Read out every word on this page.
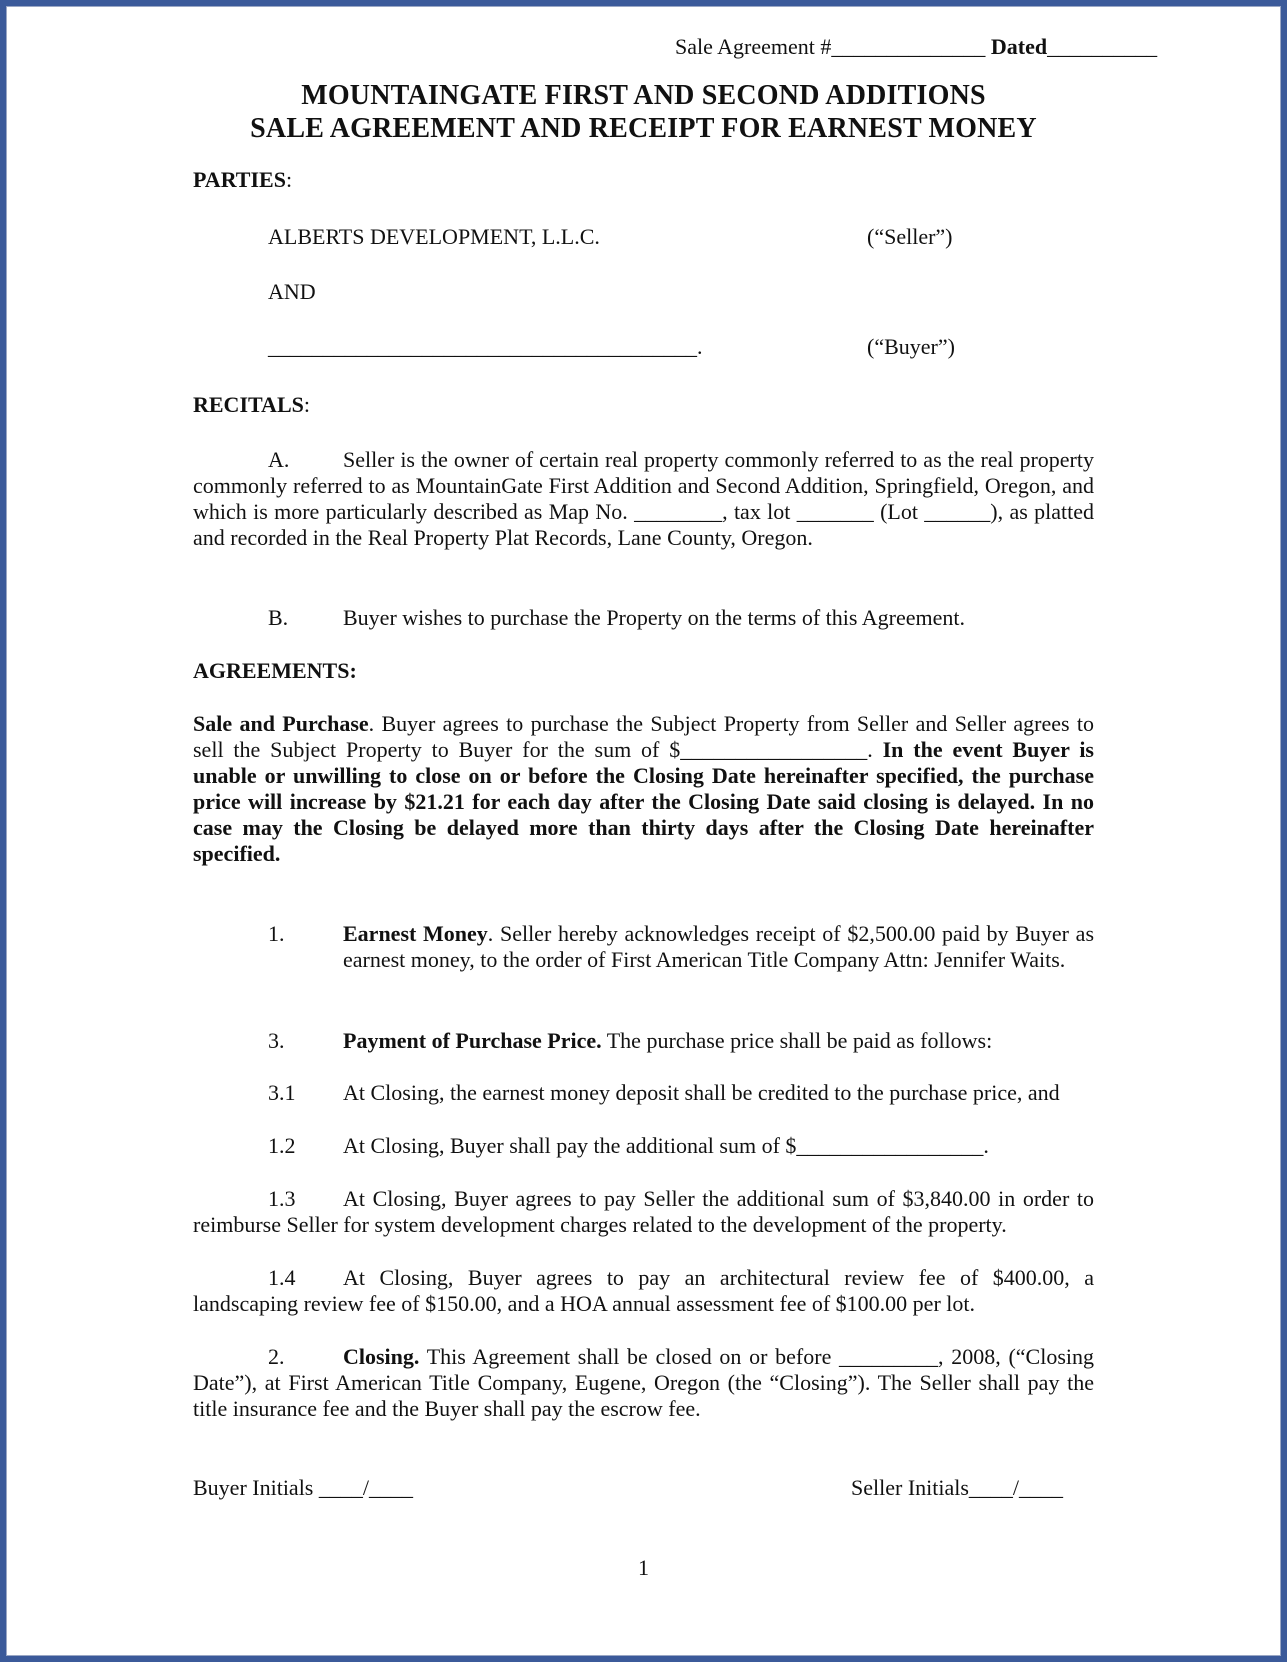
Sale Agreement #______________ Dated__________
MOUNTAINGATE FIRST AND SECOND ADDITIONS
SALE AGREEMENT AND RECEIPT FOR EARNEST MONEY
PARTIES:
ALBERTS DEVELOPMENT, L.L.C.	(“Seller”)
AND
_______________________________________.	(“Buyer”)
RECITALS:
A. Seller is the owner of certain real property commonly referred to as the real property commonly referred to as MountainGate First Addition and Second Addition, Springfield, Oregon, and which is more particularly described as Map No. ________, tax lot _______ (Lot ______), as platted and recorded in the Real Property Plat Records, Lane County, Oregon.
B. Buyer wishes to purchase the Property on the terms of this Agreement.
AGREEMENTS:
Sale and Purchase. Buyer agrees to purchase the Subject Property from Seller and Seller agrees to sell the Subject Property to Buyer for the sum of $_________________. In the event Buyer is unable or unwilling to close on or before the Closing Date hereinafter specified, the purchase price will increase by $21.21 for each day after the Closing Date said closing is delayed. In no case may the Closing be delayed more than thirty days after the Closing Date hereinafter specified.
1.	Earnest Money. Seller hereby acknowledges receipt of $2,500.00 paid by Buyer as earnest money, to the order of First American Title Company Attn: Jennifer Waits.
3.	Payment of Purchase Price. The purchase price shall be paid as follows:
3.1 At Closing, the earnest money deposit shall be credited to the purchase price, and
1.2 At Closing, Buyer shall pay the additional sum of $_________________.
1.3 At Closing, Buyer agrees to pay Seller the additional sum of $3,840.00 in order to reimburse Seller for system development charges related to the development of the property.
1.4 At Closing, Buyer agrees to pay an architectural review fee of $400.00, a landscaping review fee of $150.00, and a HOA annual assessment fee of $100.00 per lot.
2.	Closing. This Agreement shall be closed on or before _________, 2008, (“Closing Date”), at First American Title Company, Eugene, Oregon (the “Closing”). The Seller shall pay the title insurance fee and the Buyer shall pay the escrow fee.
Buyer Initials ____/____	Seller Initials____/____
1
